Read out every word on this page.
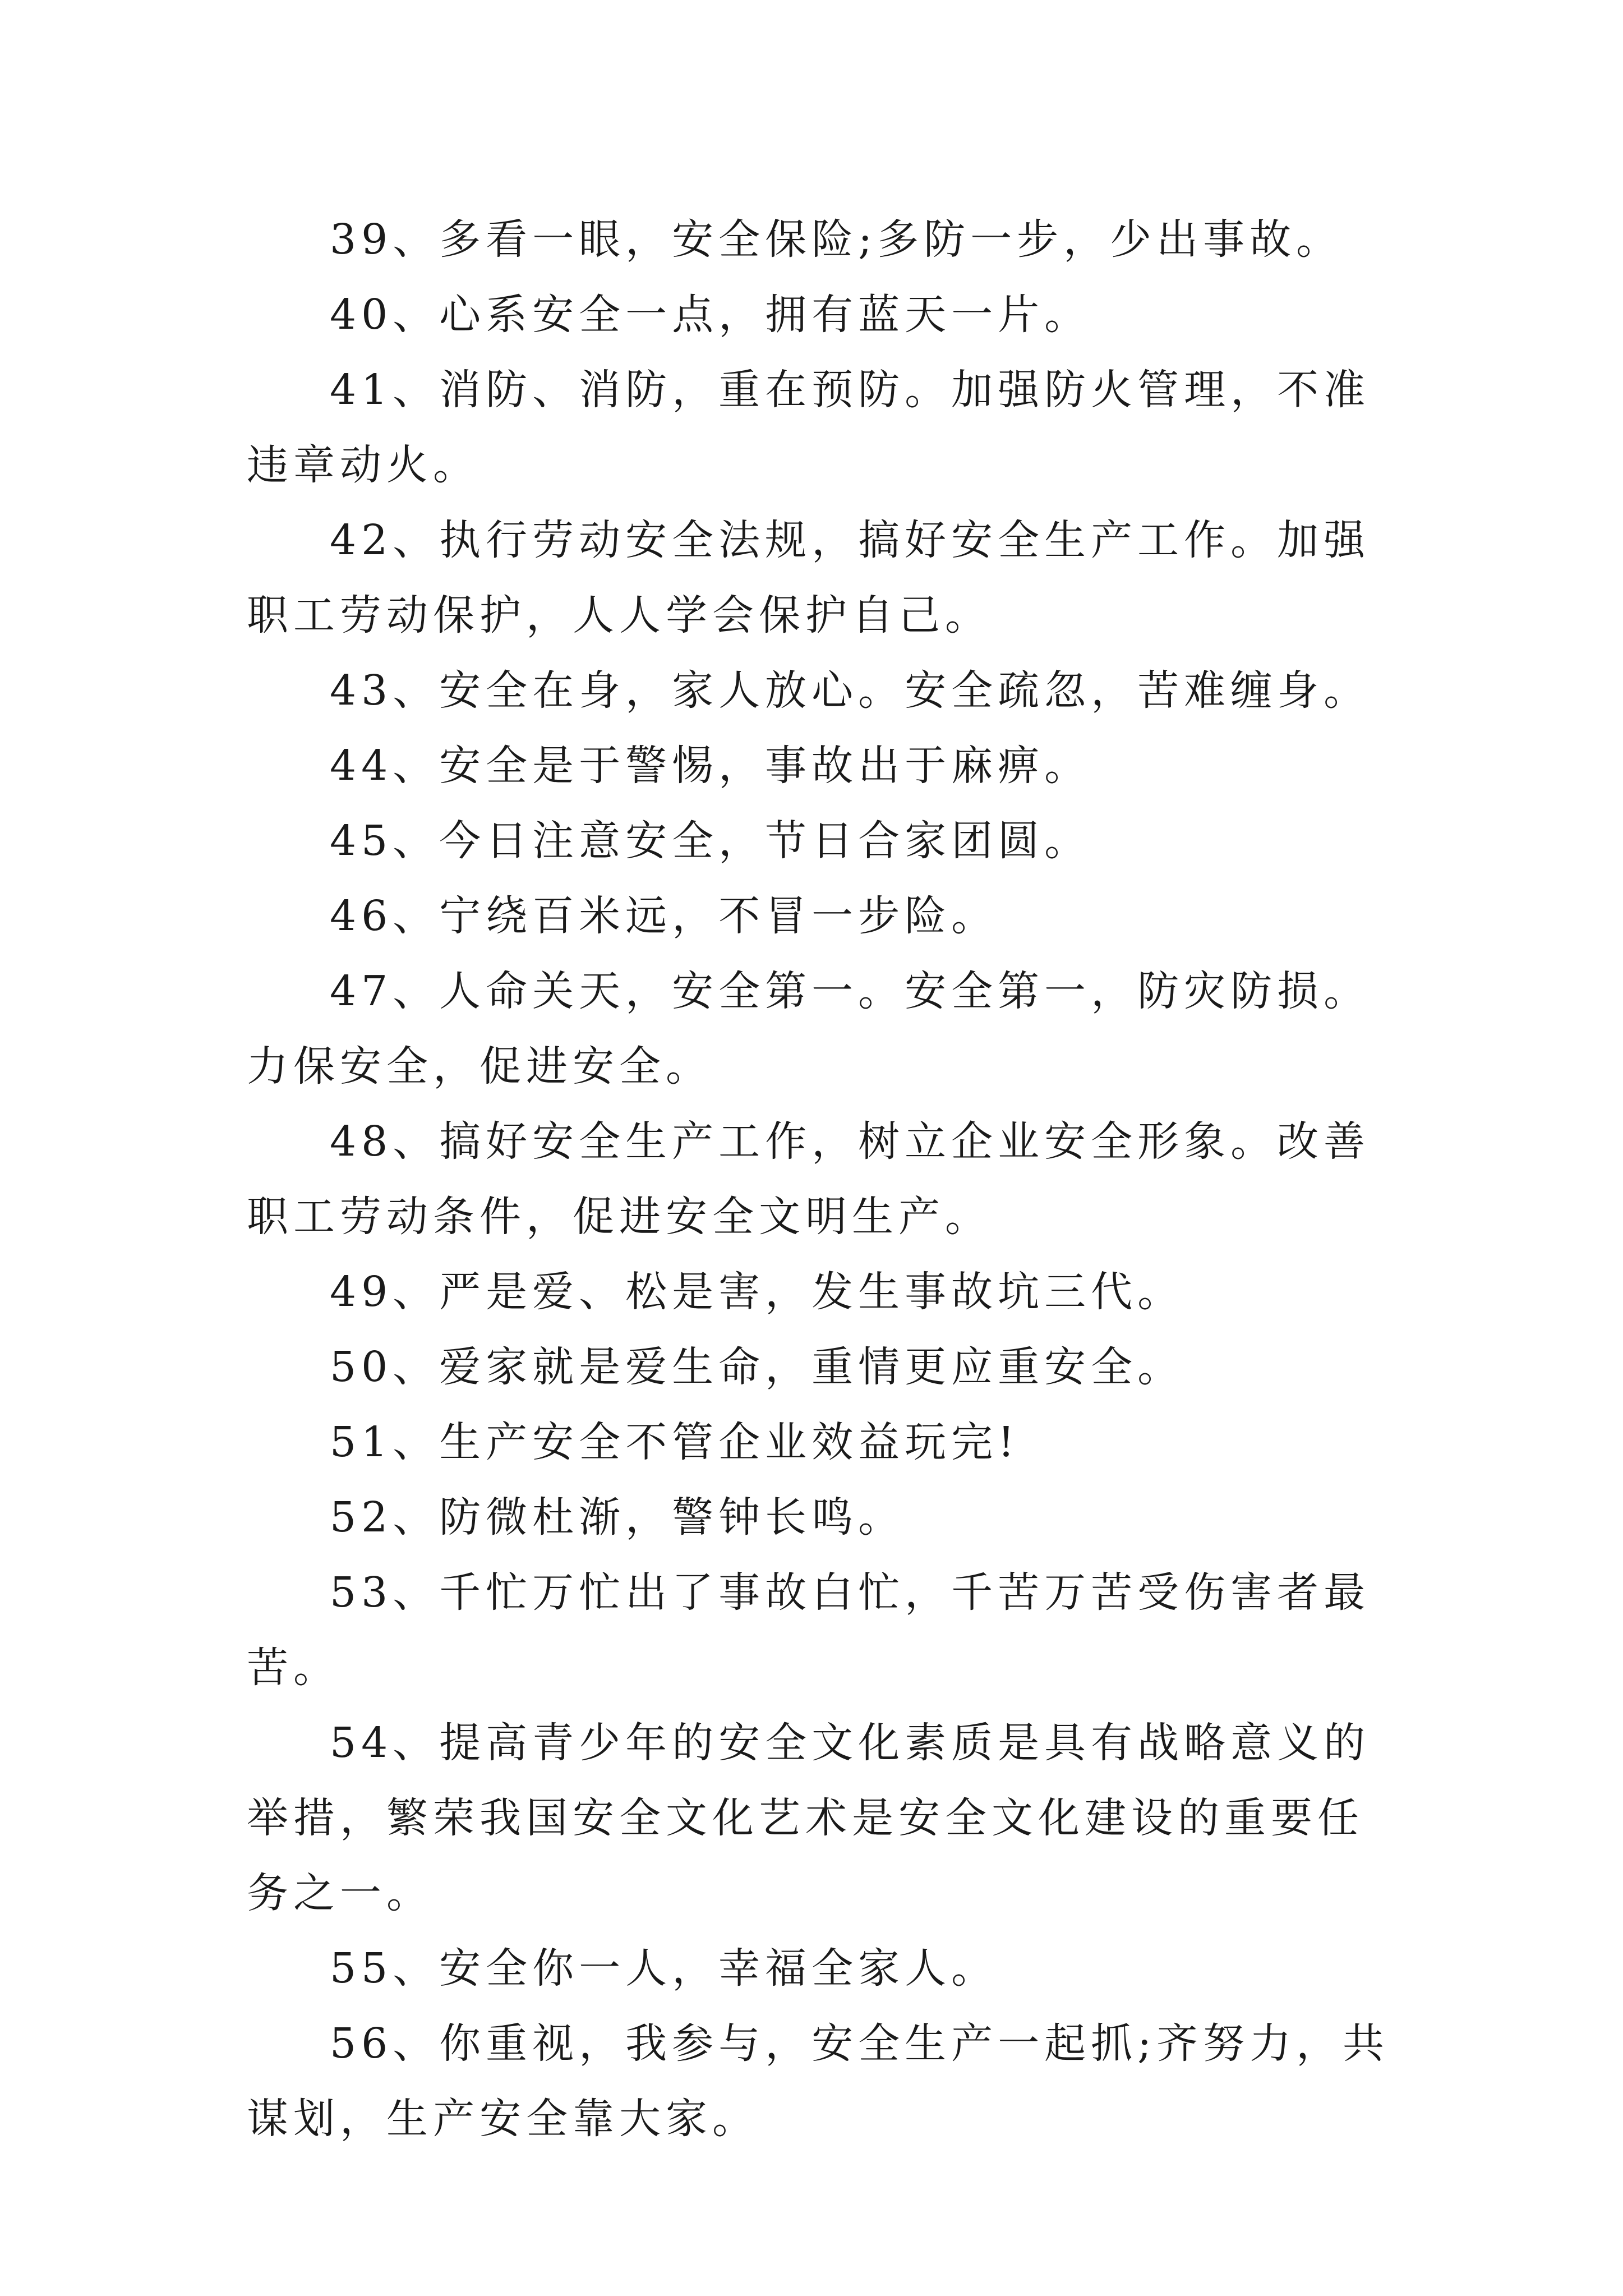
39、多看一眼，安全保险;多防一步，少出事故。

40、心系安全一点，拥有蓝天一片。

41、消防、消防，重在预防。加强防火管理，不准违章动火。

42、执行劳动安全法规，搞好安全生产工作。加强职工劳动保护，人人学会保护自己。

43、安全在身，家人放心。安全疏忽，苦难缠身。

44、安全是于警惕，事故出于麻痹。

45、今日注意安全，节日合家团圆。

46、宁绕百米远，不冒一步险。

47、人命关天，安全第一。安全第一，防灾防损。力保安全，促进安全。

48、搞好安全生产工作，树立企业安全形象。改善职工劳动条件，促进安全文明生产。

49、严是爱、松是害，发生事故坑三代。

50、爱家就是爱生命，重情更应重安全。

51、生产安全不管企业效益玩完!

52、防微杜渐，警钟长鸣。

53、千忙万忙出了事故白忙，千苦万苦受伤害者最苦。

54、提高青少年的安全文化素质是具有战略意义的举措，繁荣我国安全文化艺术是安全文化建设的重要任务之一。

55、安全你一人，幸福全家人。

56、你重视，我参与，安全生产一起抓;齐努力，共谋划，生产安全靠大家。
